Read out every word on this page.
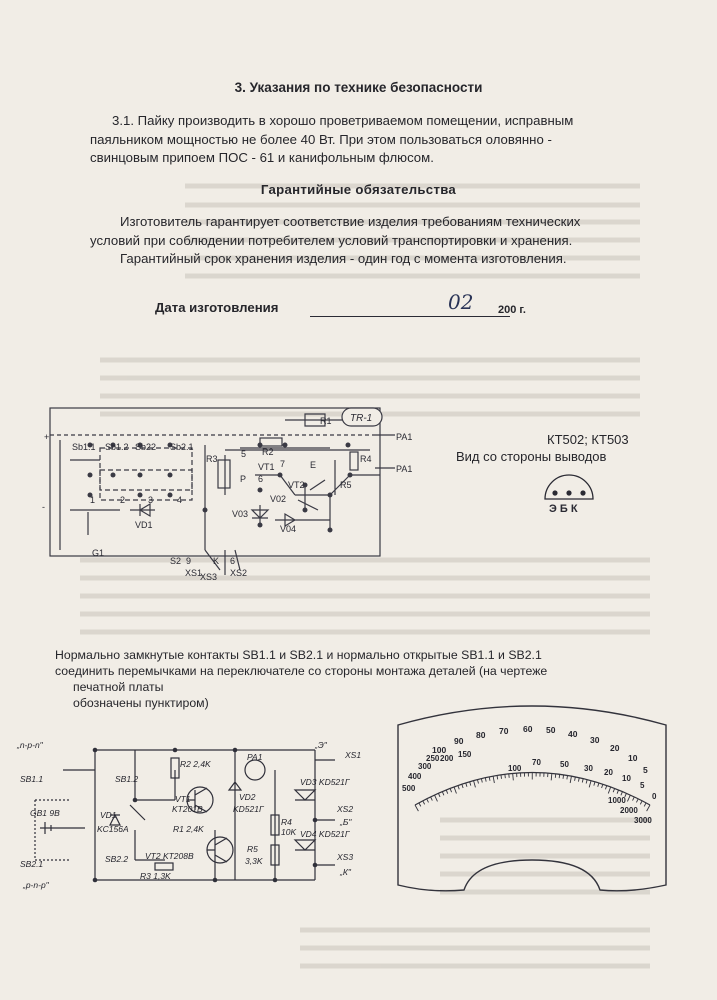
3. Указания по технике безопасности
3.1. Пайку производить в хорошо проветриваемом помещении, исправным
паяльником мощностью не более 40 Вт. При этом пользоваться оловянно -
свинцовым припоем ПОС - 61 и канифольным флюсом.
Гарантийные обязательства
Изготовитель гарантирует соответствие изделия требованиям технических
условий при соблюдении потребителем условий транспортировки и хранения.
Гарантийный срок хранения изделия - один год с момента изготовления.
Дата изготовления	02 200 г.
+
-
Sb1.1 Sb1.2 Sb22 Sb2.1
R1
R2
R3	R4
R5
PA1
PA1
VT1
VT2
V02
V03
V04
VD1
P
E
G1
S2 9 K 6
XS1
XS3 XS2
1	2	3	4
5
6
7
TR-1
КТ502; КТ503
Вид со стороны выводов
Э Б К
Нормально замкнутые контакты SB1.1 и SB2.1 и нормально открытые SB1.1 и SB2.1
соединить перемычками на переключателе со стороны монтажа деталей (на чертеже
печатной платы
обозначены пунктиром)
„n-p-n"
SB1.1	SB1.2
GB1 9B	VD1
KC156A
SB2.2
SB2.1
„p-n-p"
R2 2,4K
VT1
KT201B
R1 2,4K
VT2 KT208B
R3 1,3K
PA1
VD2
KD521Г
R4
10K
R5
3,3K
VD3 KD521Г
VD4 KD521Г
„Э"
XS1
XS2
„Б"
XS3
„К"
100
90
80 70 60 50 40
30
20
10
5
500
400
300
250 200 150
100
70 50 30 20
10
5
0
1000
2000
3000
